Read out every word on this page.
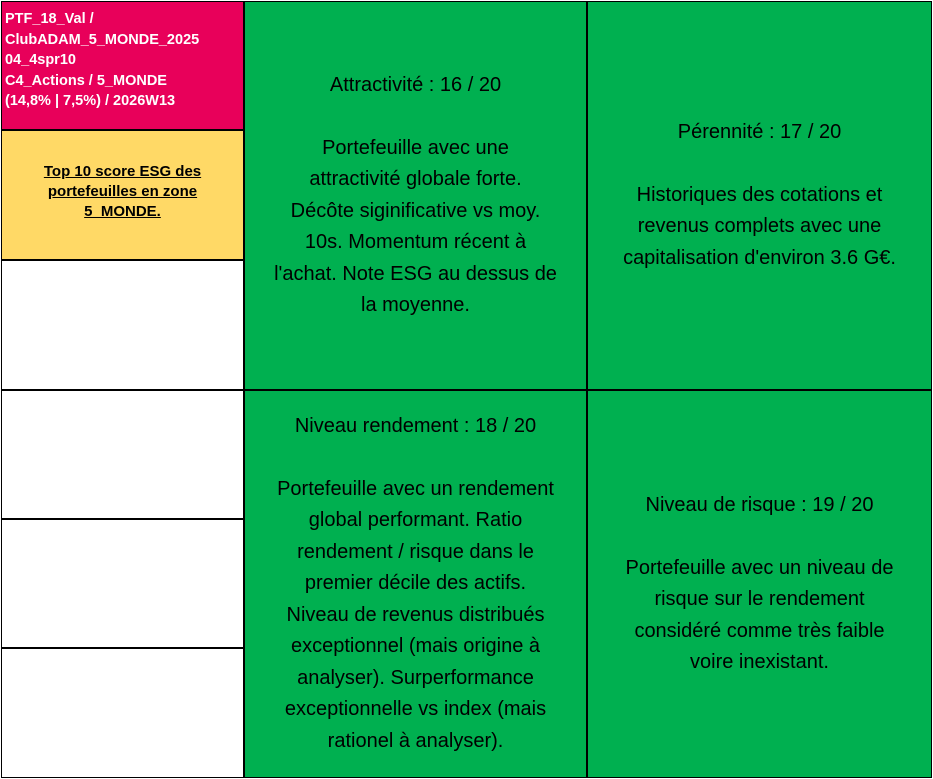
PTF_18_Val /
ClubADAM_5_MONDE_2025
04_4spr10
C4_Actions / 5_MONDE
(14,8% | 7,5%) / 2026W13
Top 10 score ESG des
portefeuilles en zone
5_MONDE.
Attractivité : 16 / 20
Portefeuille avec une
attractivité globale forte.
Décôte siginificative vs moy.
10s. Momentum récent à
l'achat. Note ESG au dessus de
la moyenne.
Pérennité : 17 / 20
Historiques des cotations et
revenus complets avec une
capitalisation d'environ 3.6 G€.
Niveau rendement : 18 / 20
Portefeuille avec un rendement
global performant. Ratio
rendement / risque dans le
premier décile des actifs.
Niveau de revenus distribués
exceptionnel (mais origine à
analyser). Surperformance
exceptionnelle vs index (mais
rationel à analyser).
Niveau de risque : 19 / 20
Portefeuille avec un niveau de
risque sur le rendement
considéré comme très faible
voire inexistant.
